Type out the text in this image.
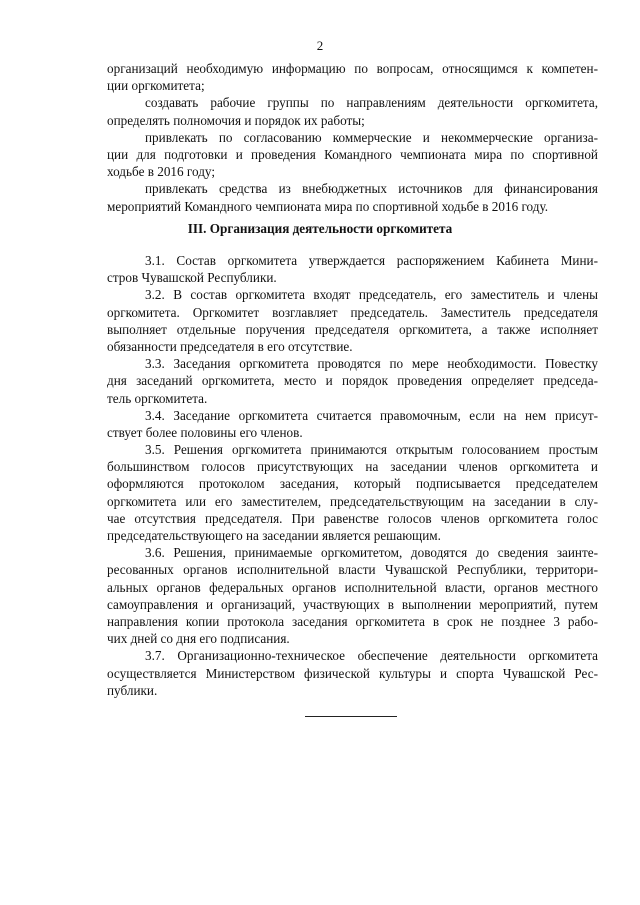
2
организаций необходимую информацию по вопросам, относящимся к компетен-
ции оргкомитета;
создавать рабочие группы по направлениям деятельности оргкомитета,
определять полномочия и порядок их работы;
привлекать по согласованию коммерческие и некоммерческие организа-
ции для подготовки и проведения Командного чемпионата мира по спортивной
ходьбе в 2016 году;
привлекать средства из внебюджетных источников для финансирования
мероприятий Командного чемпионата мира по спортивной ходьбе в 2016 году.
III. Организация деятельности оргкомитета
3.1. Состав оргкомитета утверждается распоряжением Кабинета Мини-
стров Чувашской Республики.
3.2. В состав оргкомитета входят председатель, его заместитель и члены
оргкомитета. Оргкомитет возглавляет председатель. Заместитель председателя
выполняет отдельные поручения председателя оргкомитета, а также исполняет
обязанности председателя в его отсутствие.
3.3. Заседания оргкомитета проводятся по мере необходимости. Повестку
дня заседаний оргкомитета, место и порядок проведения определяет председа-
тель оргкомитета.
3.4. Заседание оргкомитета считается правомочным, если на нем присут-
ствует более половины его членов.
3.5. Решения оргкомитета принимаются открытым голосованием простым
большинством голосов присутствующих на заседании членов оргкомитета и
оформляются протоколом заседания, который подписывается председателем
оргкомитета или его заместителем, председательствующим на заседании в слу-
чае отсутствия председателя. При равенстве голосов членов оргкомитета голос
председательствующего на заседании является решающим.
3.6. Решения, принимаемые оргкомитетом, доводятся до сведения заинте-
ресованных органов исполнительной власти Чувашской Республики, территори-
альных органов федеральных органов исполнительной власти, органов местного
самоуправления и организаций, участвующих в выполнении мероприятий, путем
направления копии протокола заседания оргкомитета в срок не позднее 3 рабо-
чих дней со дня его подписания.
3.7. Организационно-техническое обеспечение деятельности оргкомитета
осуществляется Министерством физической культуры и спорта Чувашской Рес-
публики.
